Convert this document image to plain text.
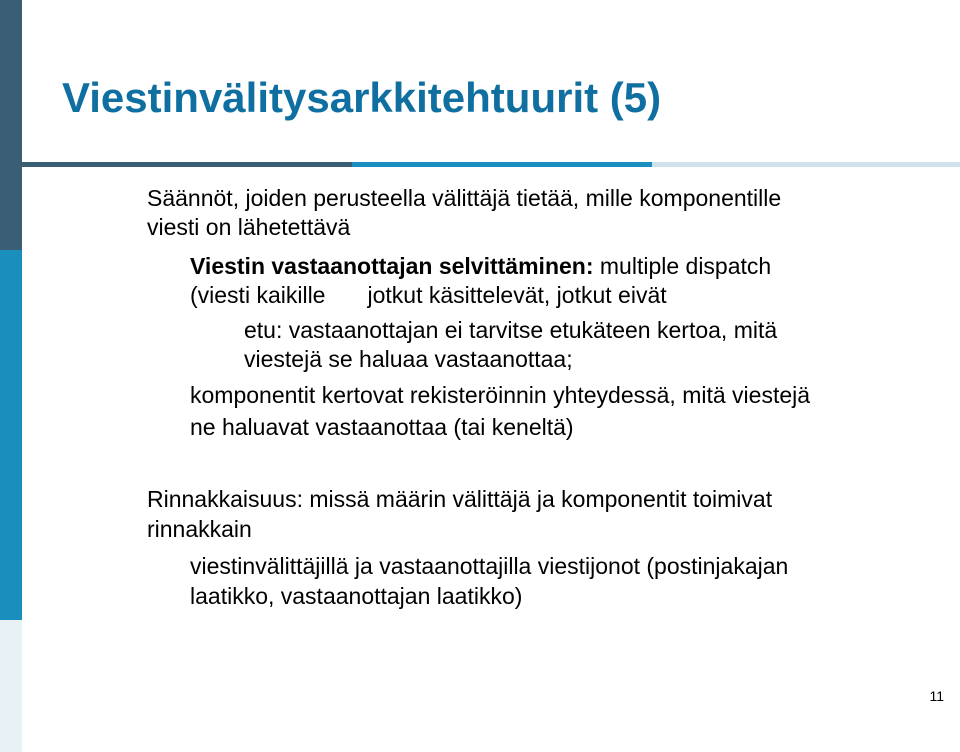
Viestinvälitysarkkitehtuurit (5)

Säännöt, joiden perusteella välittäjä tietää, mille komponentille

viesti on lähetettävä

Viestin vastaanottajan selvittäminen: multiple dispatch

(viesti kaikille jotkut käsittelevät, jotkut eivät

etu: vastaanottajan ei tarvitse etukäteen kertoa, mitä

viestejä se haluaa vastaanottaa;

komponentit kertovat rekisteröinnin yhteydessä, mitä viestejä

ne haluavat vastaanottaa (tai keneltä)

Rinnakkaisuus: missä määrin välittäjä ja komponentit toimivat

rinnakkain

viestinvälittäjillä ja vastaanottajilla viestijonot (postinjakajan

laatikko, vastaanottajan laatikko)

11
